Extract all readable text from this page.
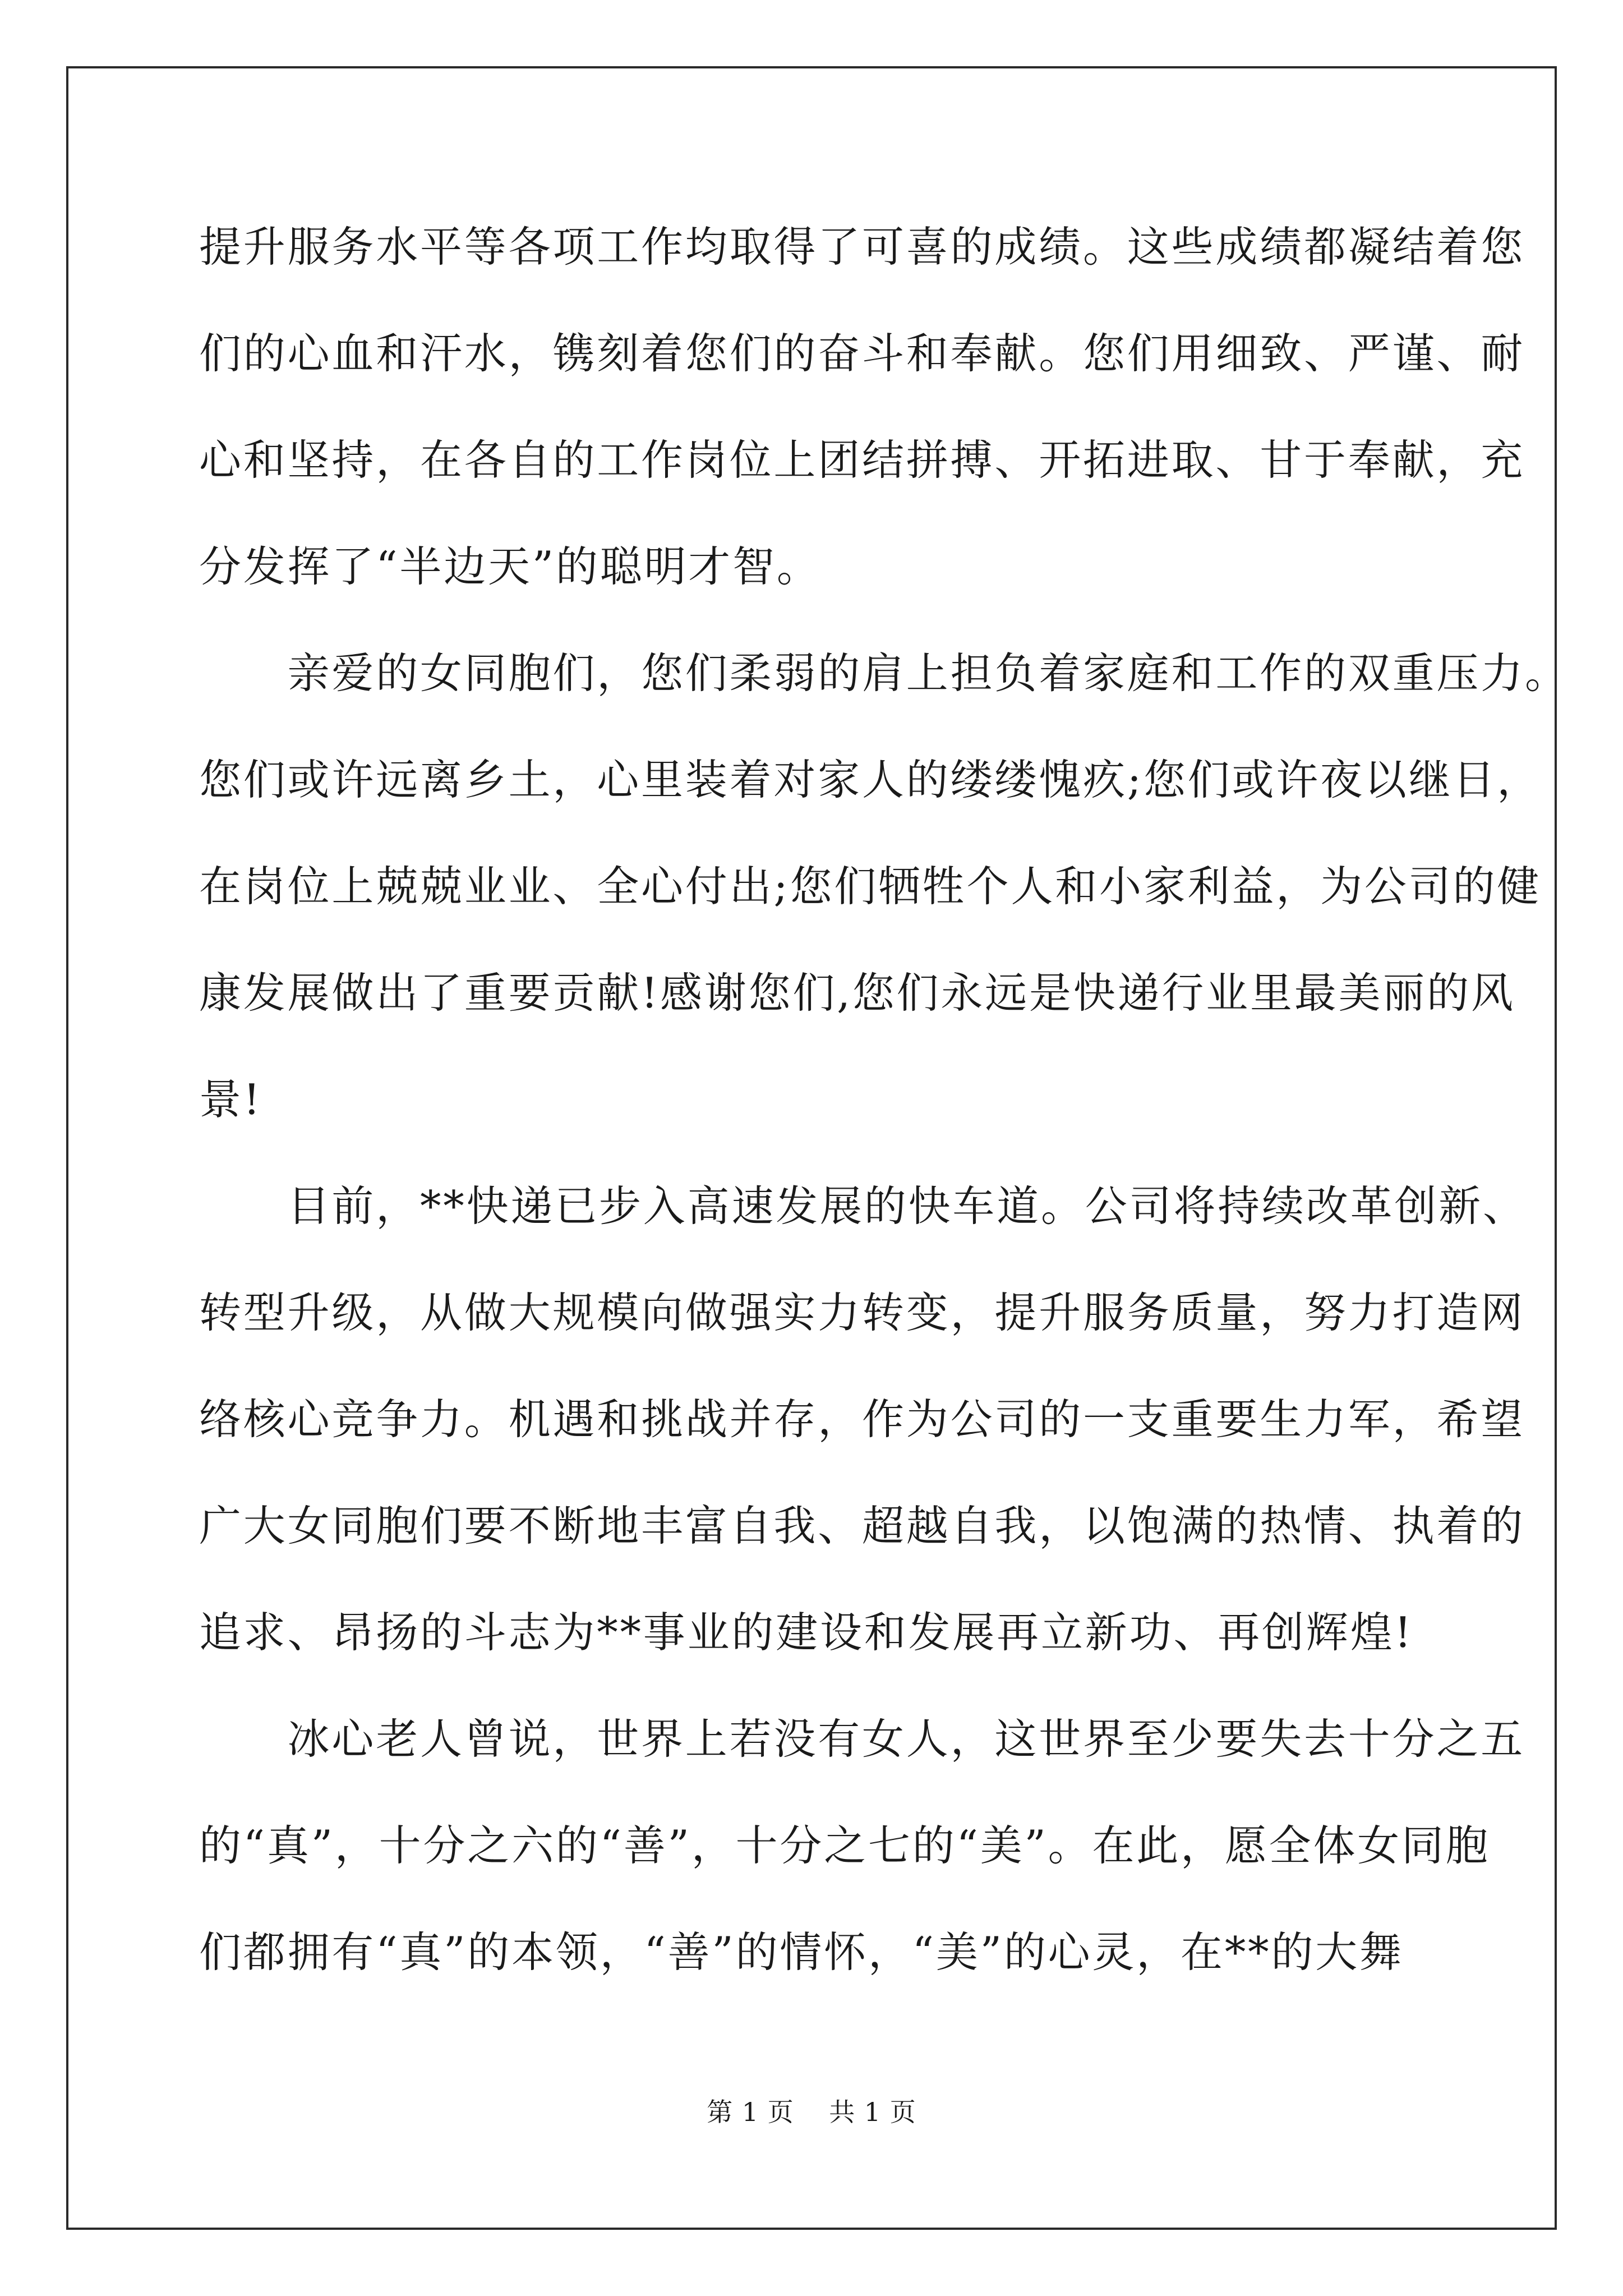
提升服务水平等各项工作均取得了可喜的成绩。这些成绩都凝结着您
们的心血和汗水，镌刻着您们的奋斗和奉献。您们用细致、严谨、耐
心和坚持，在各自的工作岗位上团结拼搏、开拓进取、甘于奉献，充
分发挥了“半边天”的聪明才智。
　　亲爱的女同胞们，您们柔弱的肩上担负着家庭和工作的双重压力。
您们或许远离乡土，心里装着对家人的缕缕愧疚;您们或许夜以继日，
在岗位上兢兢业业、全心付出;您们牺牲个人和小家利益，为公司的健
康发展做出了重要贡献!感谢您们,您们永远是快递行业里最美丽的风
景!
　　目前，**快递已步入高速发展的快车道。公司将持续改革创新、
转型升级，从做大规模向做强实力转变，提升服务质量，努力打造网
络核心竞争力。机遇和挑战并存，作为公司的一支重要生力军，希望
广大女同胞们要不断地丰富自我、超越自我，以饱满的热情、执着的
追求、昂扬的斗志为**事业的建设和发展再立新功、再创辉煌!
　　冰心老人曾说，世界上若没有女人，这世界至少要失去十分之五
的“真”，十分之六的“善”，十分之七的“美”。在此，愿全体女同胞
们都拥有“真”的本领，“善”的情怀，“美”的心灵，在**的大舞
第 1 页    共 1 页
